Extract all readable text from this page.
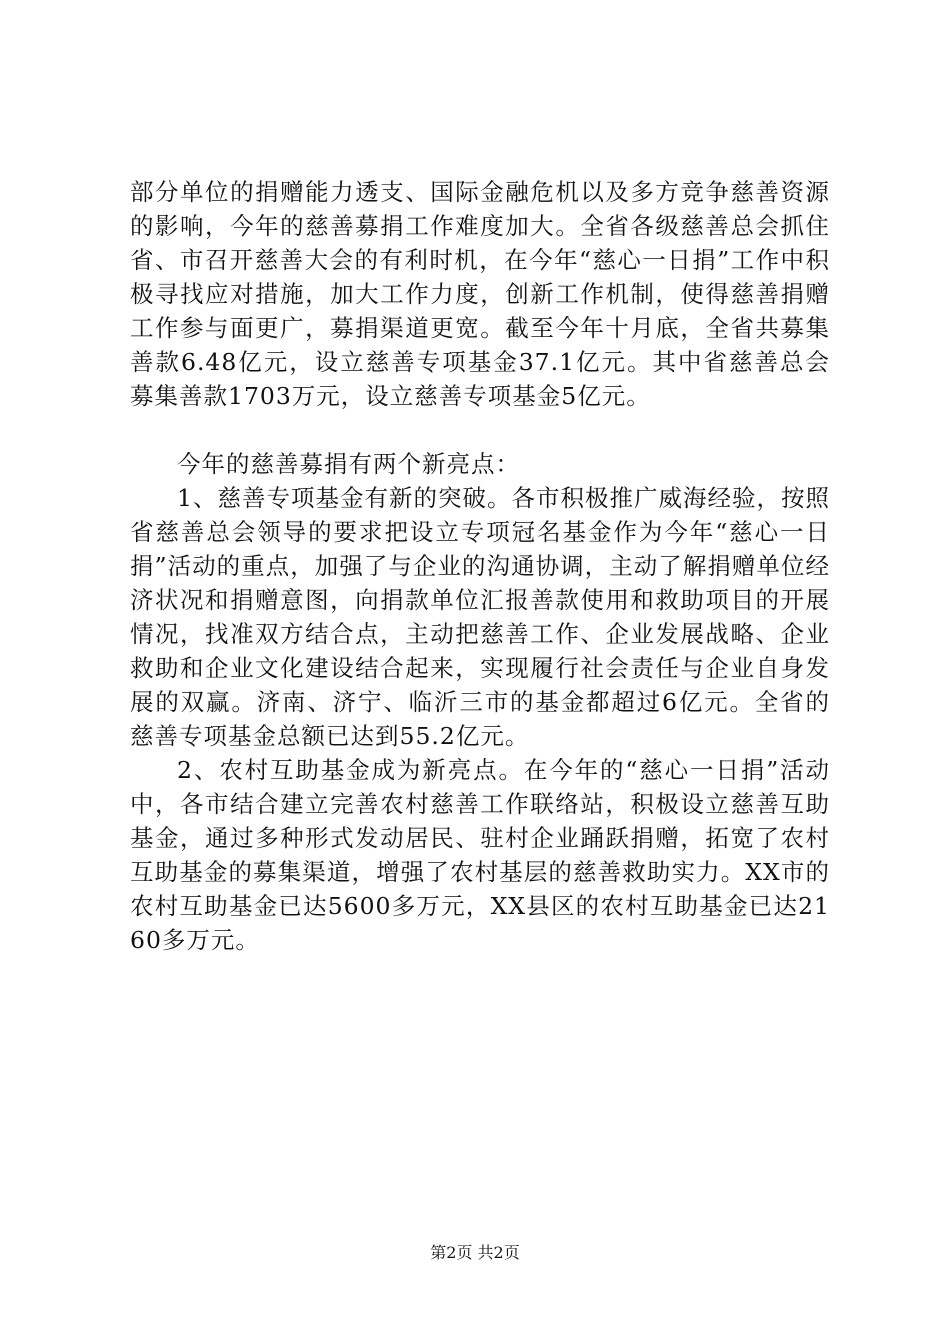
部分单位的捐赠能力透支、国际金融危机以及多方竞争慈善资源的影响，今年的慈善募捐工作难度加大。全省各级慈善总会抓住省、市召开慈善大会的有利时机，在今年“慈心一日捐”工作中积极寻找应对措施，加大工作力度，创新工作机制，使得慈善捐赠工作参与面更广，募捐渠道更宽。截至今年十月底，全省共募集善款6.48亿元，设立慈善专项基金37.1亿元。其中省慈善总会募集善款1703万元，设立慈善专项基金5亿元。

今年的慈善募捐有两个新亮点：

1、慈善专项基金有新的突破。各市积极推广威海经验，按照省慈善总会领导的要求把设立专项冠名基金作为今年“慈心一日捐”活动的重点，加强了与企业的沟通协调，主动了解捐赠单位经济状况和捐赠意图，向捐款单位汇报善款使用和救助项目的开展情况，找准双方结合点，主动把慈善工作、企业发展战略、企业救助和企业文化建设结合起来，实现履行社会责任与企业自身发展的双赢。济南、济宁、临沂三市的基金都超过6亿元。全省的慈善专项基金总额已达到55.2亿元。

2、农村互助基金成为新亮点。在今年的“慈心一日捐”活动中，各市结合建立完善农村慈善工作联络站，积极设立慈善互助基金，通过多种形式发动居民、驻村企业踊跃捐赠，拓宽了农村互助基金的募集渠道，增强了农村基层的慈善救助实力。XX市的农村互助基金已达5600多万元，XX县区的农村互助基金已达2160多万元。

第2页 共2页
